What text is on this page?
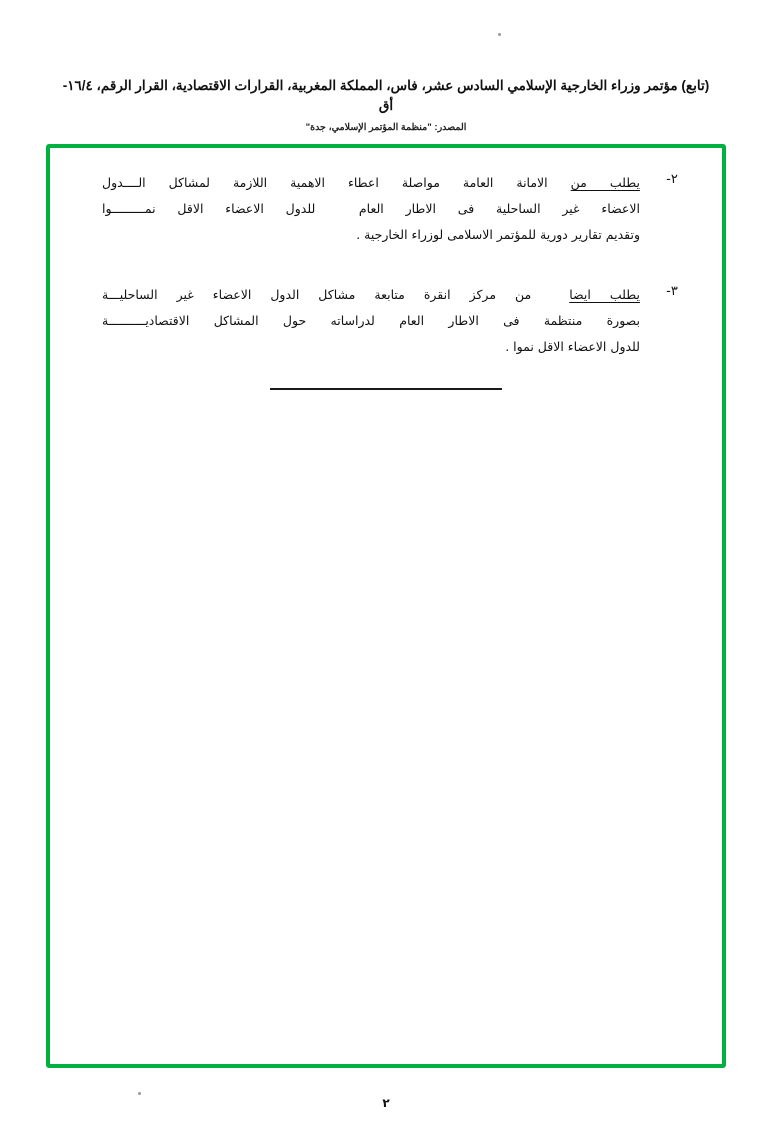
(تابع) مؤتمر وزراء الخارجية الإسلامي السادس عشر، فاس، المملكة المغربية، القرارات الاقتصادية، القرار الرقم، ١٦/٤-أق
المصدر: "منظمة المؤتمر الإسلامي، جدة"
٢-
يطلب من الامانة العامة مواصلة اعطاء الاهمية اللازمة لمشاكل الــــدول
الاعضاء غير الساحلية فى الاطار العام  للدول الاعضاء الاقل نمـــــــــوا
وتقديم تقارير دورية للمؤتمر الاسلامى لوزراء الخارجية .
٣-
يطلب ايضا  من مركز انقرة متابعة مشاكل الدول الاعضاء غير الساحليـــة
بصورة منتظمة فى الاطار العام لدراساته حول المشاكل الاقتصاديــــــــــة
للدول الاعضاء الاقل نموا .
٢
